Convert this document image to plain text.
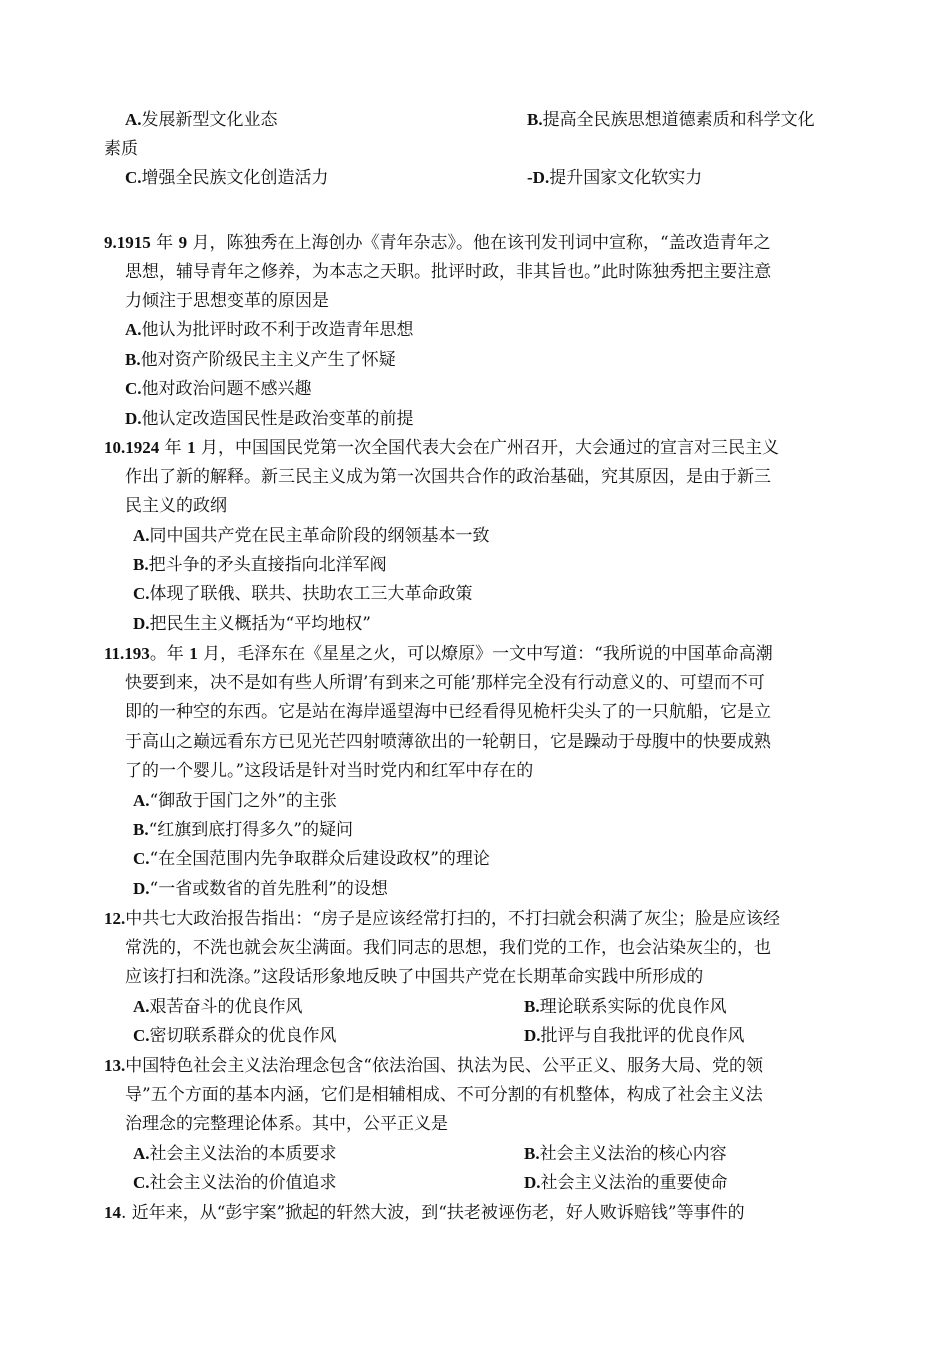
A.发展新型文化业态	B.提高全民族思想道德素质和科学文化
素质
C.增强全民族文化创造活力	-D.提升国家文化软实力
9.1915 年 9 月，陈独秀在上海创办《青年杂志》。他在该刊发刊词中宣称，“盖改造青年之
思想，辅导青年之修养，为本志之天职。批评时政，非其旨也。”此时陈独秀把主要注意
力倾注于思想变革的原因是
A.他认为批评时政不利于改造青年思想
B.他对资产阶级民主主义产生了怀疑
C.他对政治问题不感兴趣
D.他认定改造国民性是政治变革的前提
10.1924 年 1 月，中国国民党第一次全国代表大会在广州召开，大会通过的宣言对三民主义
作出了新的解释。新三民主义成为第一次国共合作的政治基础，究其原因，是由于新三
民主义的政纲
A.同中国共产党在民主革命阶段的纲领基本一致
B.把斗争的矛头直接指向北洋军阀
C.体现了联俄、联共、扶助农工三大革命政策
D.把民生主义概括为“平均地权”
11.193。年 1 月，毛泽东在《星星之火，可以燎原》一文中写道：“我所说的中国革命高潮
快要到来，决不是如有些人所谓’有到来之可能’那样完全没有行动意义的、可望而不可
即的一种空的东西。它是站在海岸遥望海中已经看得见桅杆尖头了的一只航船，它是立
于高山之巅远看东方已见光芒四射喷薄欲出的一轮朝日，它是躁动于母腹中的快要成熟
了的一个婴儿。”这段话是针对当时党内和红军中存在的
A.“御敌于国门之外”的主张
B.“红旗到底打得多久”的疑问
C.“在全国范围内先争取群众后建设政权”的理论
D.“一省或数省的首先胜利”的设想
12.中共七大政治报告指出：“房子是应该经常打扫的，不打扫就会积满了灰尘；脸是应该经
常洗的，不洗也就会灰尘满面。我们同志的思想，我们党的工作，也会沾染灰尘的，也
应该打扫和洗涤。”这段话形象地反映了中国共产党在长期革命实践中所形成的
A.艰苦奋斗的优良作风	B.理论联系实际的优良作风
C.密切联系群众的优良作风	D.批评与自我批评的优良作风
13.中国特色社会主义法治理念包含“依法治国、执法为民、公平正义、服务大局、党的领
导”五个方面的基本内涵，它们是相辅相成、不可分割的有机整体，构成了社会主义法
治理念的完整理论体系。其中，公平正义是
A.社会主义法治的本质要求	B.社会主义法治的核心内容
C.社会主义法治的价值追求	D.社会主义法治的重要使命
14. 近年来，从“彭宇案”掀起的轩然大波，到“扶老被诬伤老，好人败诉赔钱”等事件的
